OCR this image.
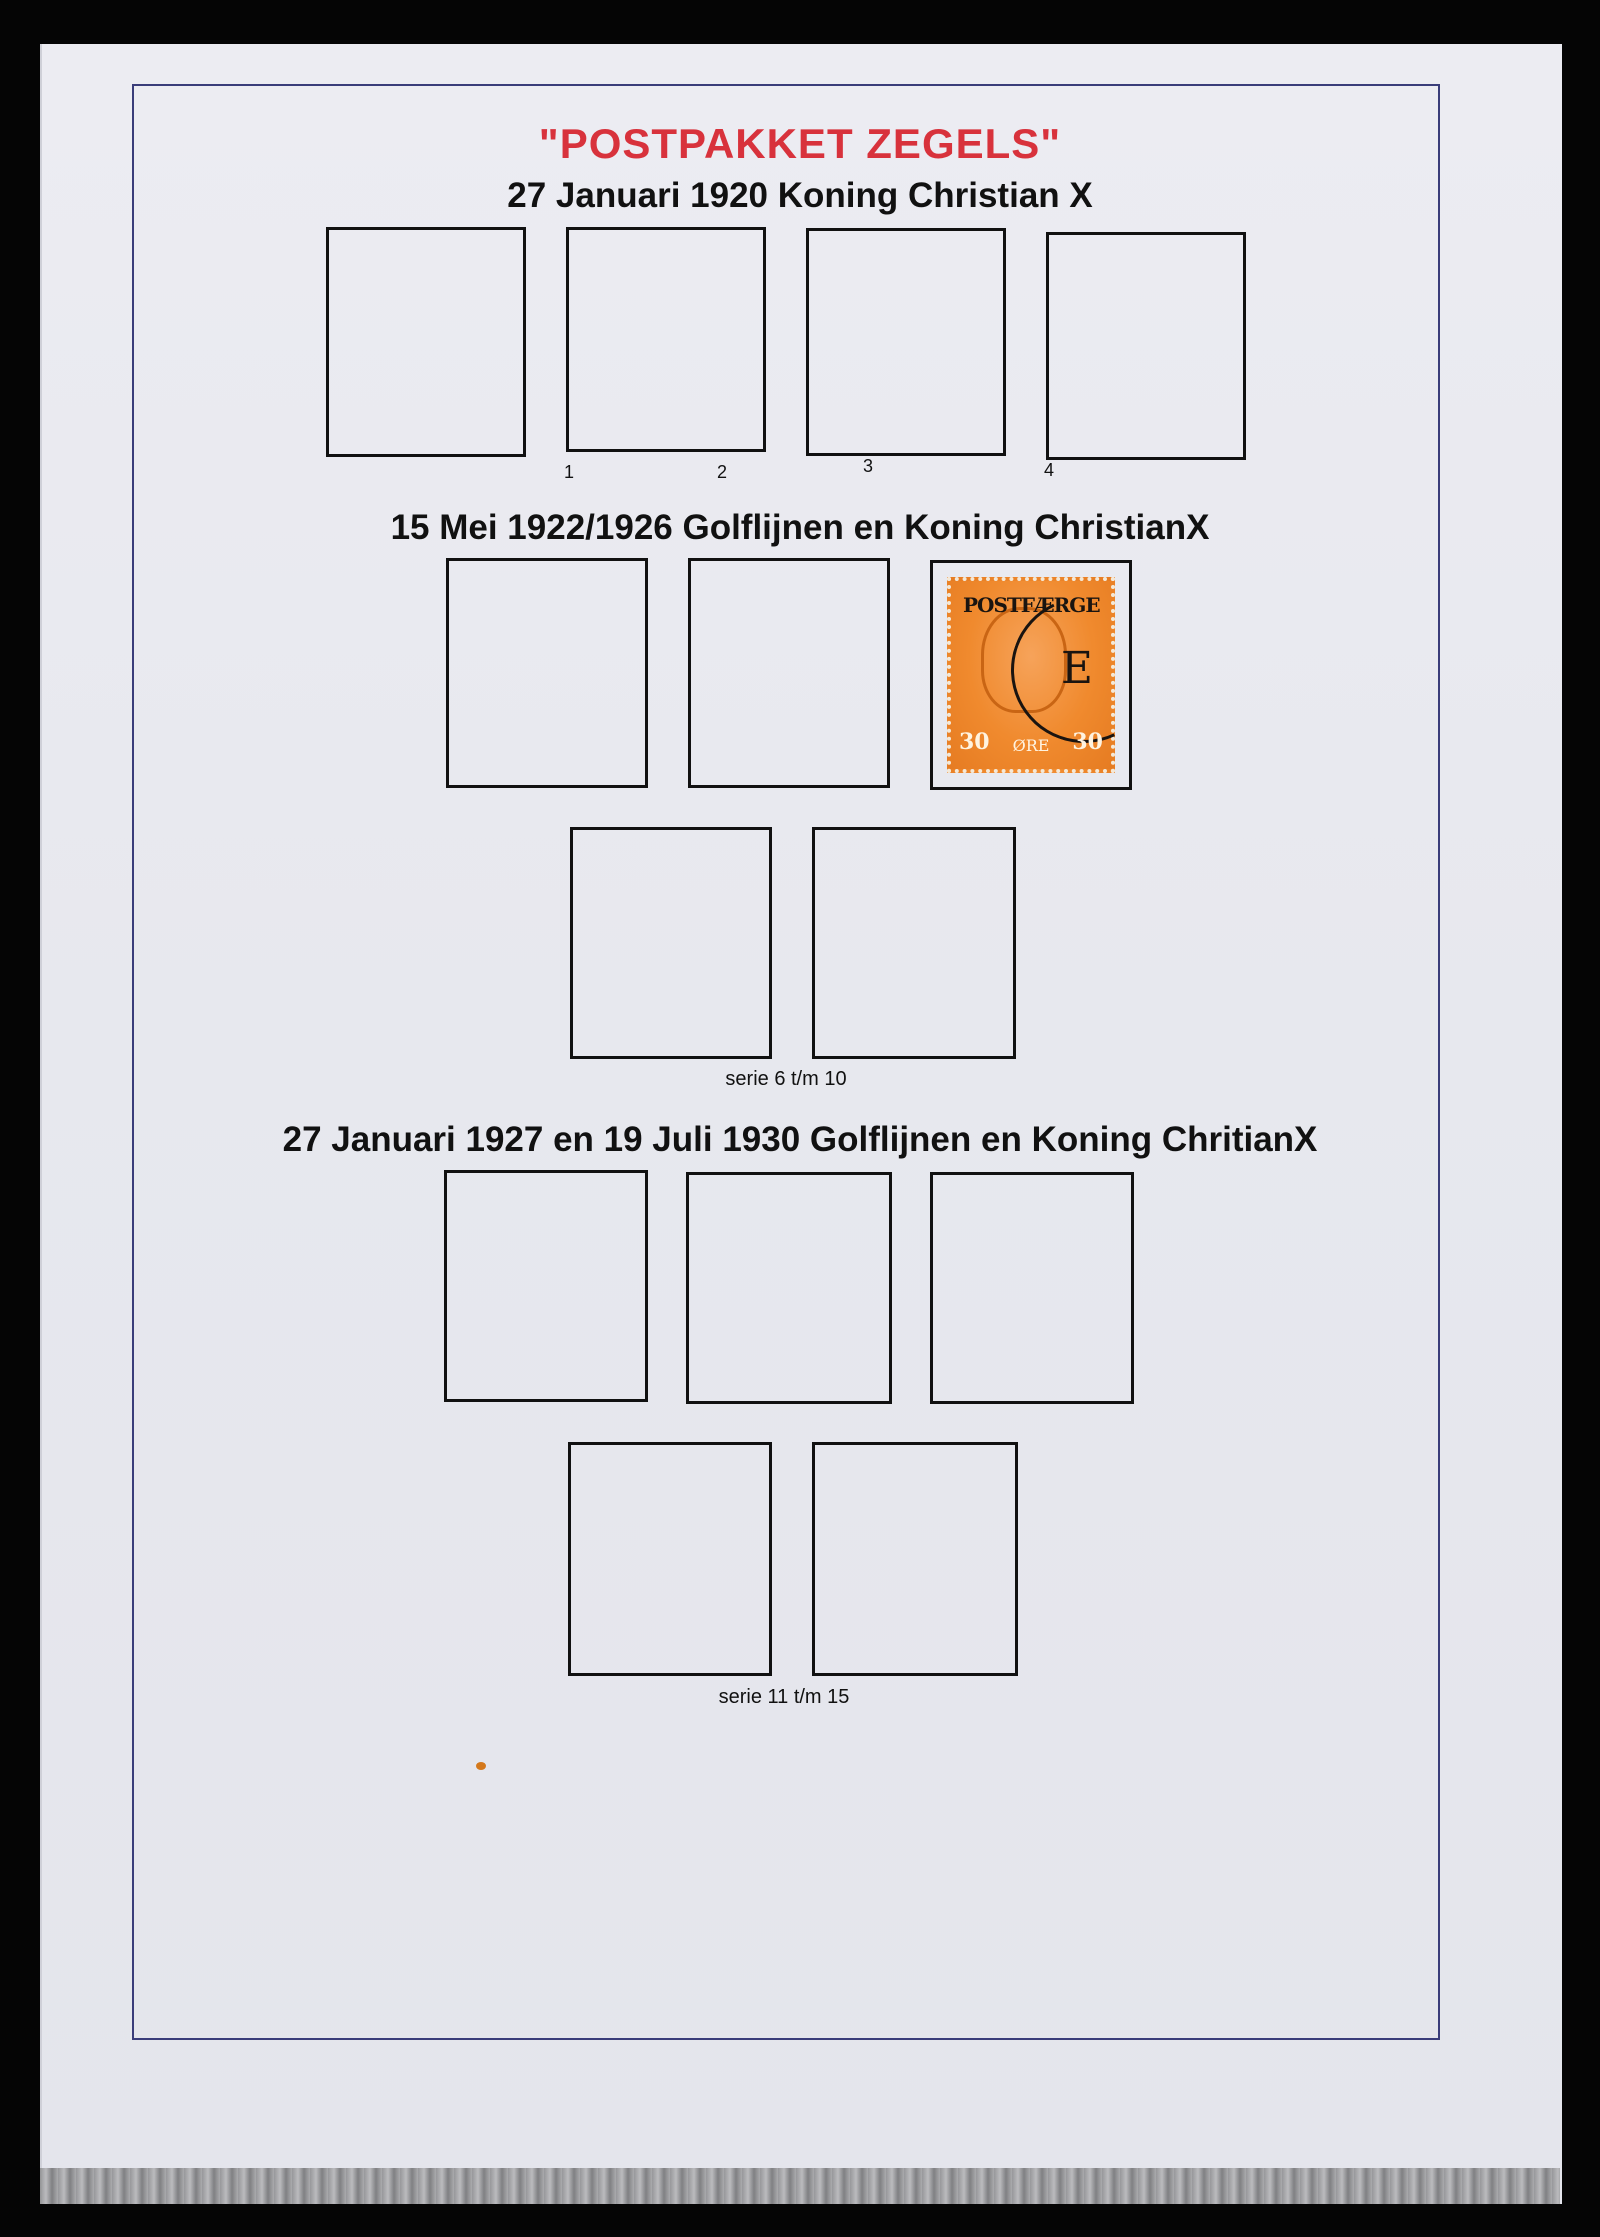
"POSTPAKKET ZEGELS"
27 Januari 1920 Koning Christian X
1	2	3	4
15 Mei 1922/1926 Golflijnen en Koning ChristianX
POSTFÆRGE
E
30 ØRE 30
serie 6 t/m 10
27 Januari 1927 en 19 Juli 1930 Golflijnen en Koning ChritianX
serie 11 t/m 15
